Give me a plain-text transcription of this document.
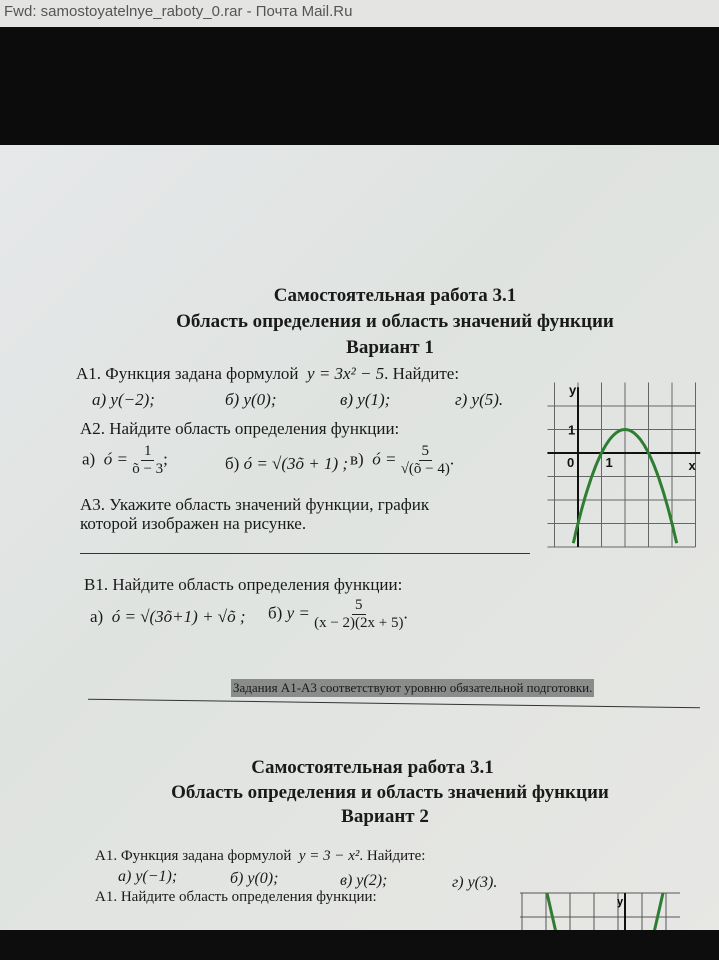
Fwd: samostoyatelnye_raboty_0.rar - Почта Mail.Ru
Самостоятельная работа 3.1
Область определения и область значений функции
Вариант 1
А1. Функция задана формулой y = 3x² − 5. Найдите:
а) y(−2);	б) y(0);	в) y(1);	г) y(5).
А2. Найдите область определения функции:
а) ó = $\frac{1}{õ - 3}$ ;	б) ó = √(3õ + 1) ; в) ó = $\frac{5}{√(õ - 4)}$ .
А3. Укажите область значений функции, график
которой изображен на рисунке.
y
x
0 1
1
В1. Найдите область определения функции:
а) ó = √(3õ+1) + √õ ; б) $y = \frac{5}{(x - 2)(2x + 5)}$ .
Задания А1-А3 соответствуют уровню обязательной подготовки.
Самостоятельная работа 3.1
Область определения и область значений функции
Вариант 2
А1. Функция задана формулой y = 3 − x². Найдите:
а) y(−1);	б) y(0);	в) y(2);	г) y(3).
А1. Найдите область определения функции:	y
